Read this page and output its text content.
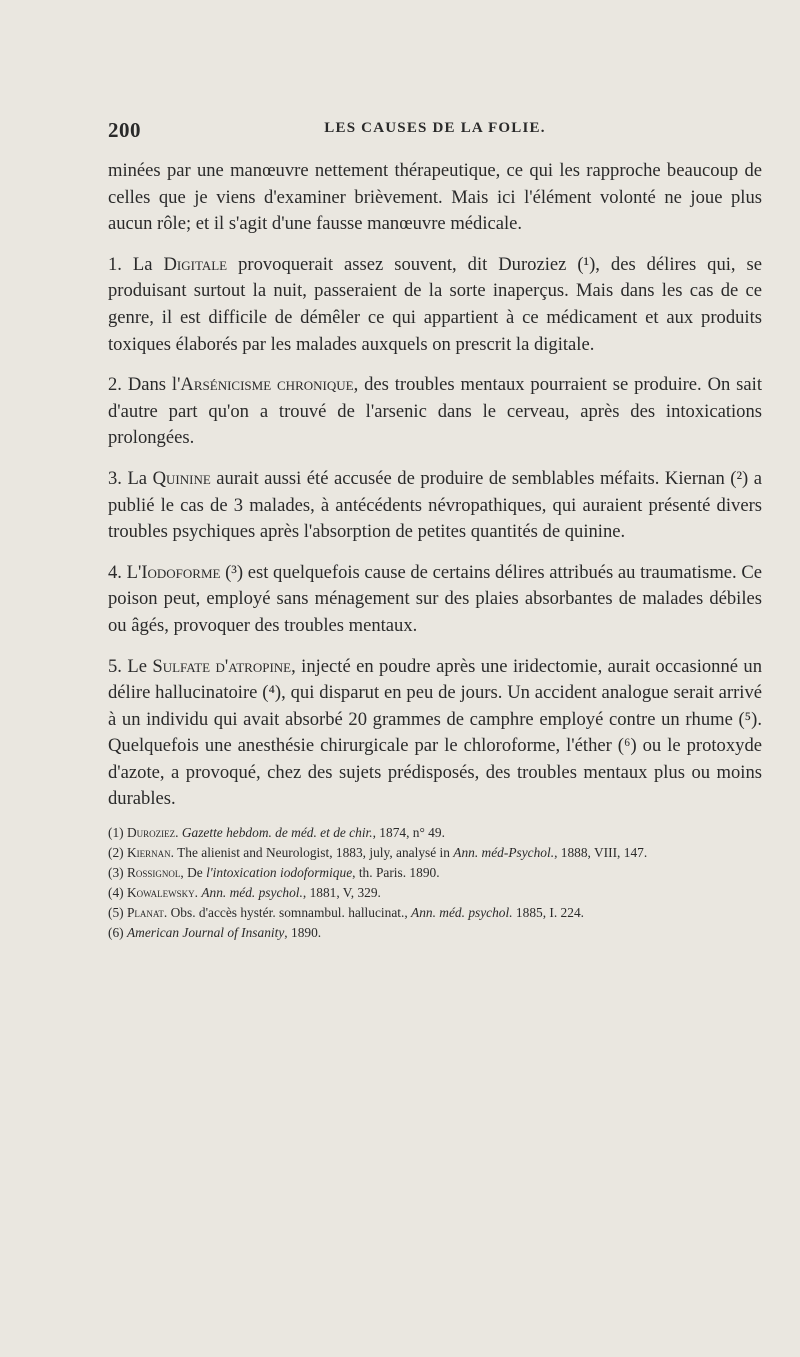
200	LES CAUSES DE LA FOLIE.

minées par une manœuvre nettement thérapeutique, ce qui les rapproche beaucoup de celles que je viens d'examiner brièvement. Mais ici l'élément volonté ne joue plus aucun rôle; et il s'agit d'une fausse manœuvre médicale.

1. La Digitale provoquerait assez souvent, dit Duroziez (¹), des délires qui, se produisant surtout la nuit, passeraient de la sorte inaperçus. Mais dans les cas de ce genre, il est difficile de démêler ce qui appartient à ce médicament et aux produits toxiques élaborés par les malades auxquels on prescrit la digitale.

2. Dans l'Arsénicisme chronique, des troubles mentaux pourraient se produire. On sait d'autre part qu'on a trouvé de l'arsenic dans le cerveau, après des intoxications prolongées.

3. La Quinine aurait aussi été accusée de produire de semblables méfaits. Kiernan (²) a publié le cas de 3 malades, à antécédents névropathiques, qui auraient présenté divers troubles psychiques après l'absorption de petites quantités de quinine.

4. L'Iodoforme (³) est quelquefois cause de certains délires attribués au traumatisme. Ce poison peut, employé sans ménagement sur des plaies absorbantes de malades débiles ou âgés, provoquer des troubles mentaux.

5. Le Sulfate d'atropine, injecté en poudre après une iridectomie, aurait occasionné un délire hallucinatoire (⁴), qui disparut en peu de jours. Un accident analogue serait arrivé à un individu qui avait absorbé 20 grammes de camphre employé contre un rhume (⁵). Quelquefois une anesthésie chirurgicale par le chloroforme, l'éther (⁶) ou le protoxyde d'azote, a provoqué, chez des sujets prédisposés, des troubles mentaux plus ou moins durables.

(1) Duroziez. Gazette hebdom. de méd. et de chir., 1874, n° 49.

(2) Kiernan. The alienist and Neurologist, 1883, july, analysé in Ann. méd-Psychol., 1888, VIII, 147.

(3) Rossignol, De l'intoxication iodoformique, th. Paris. 1890.

(4) Kowalewsky. Ann. méd. psychol., 1881, V, 329.

(5) Planat. Obs. d'accès hystér. somnambul. hallucinat., Ann. méd. psychol. 1885, I. 224.

(6) American Journal of Insanity, 1890.
